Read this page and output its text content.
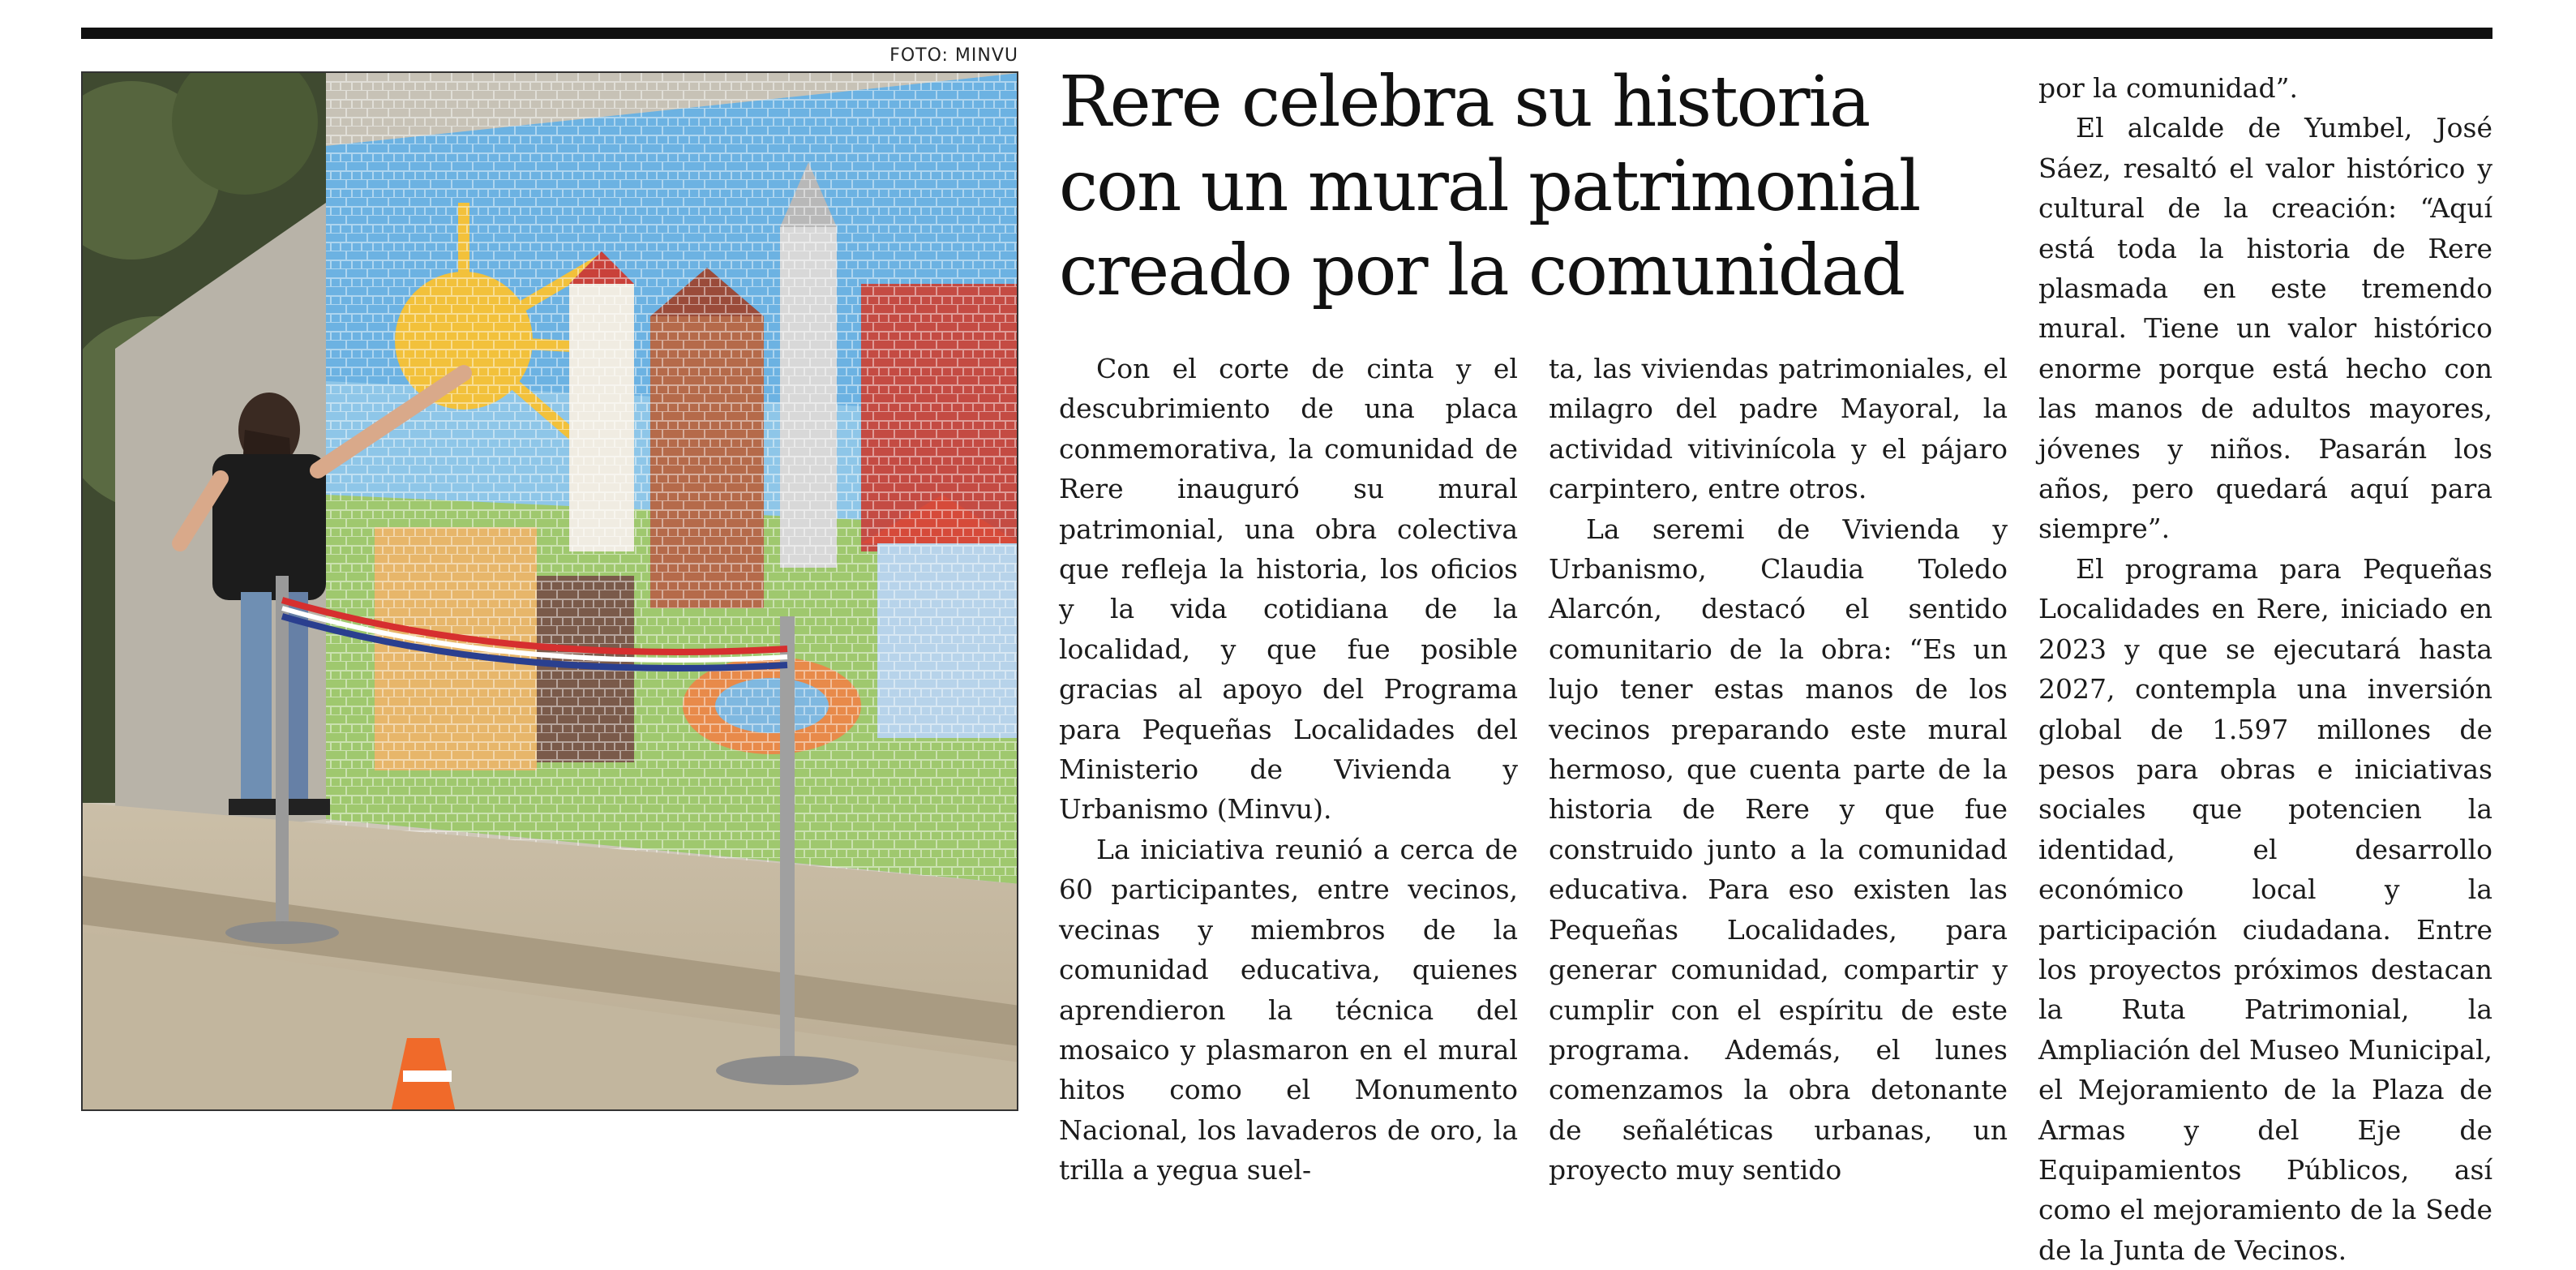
FOTO: MINVU
Rere celebra su historia con un mural patrimonial creado por la comunidad

Con el corte de cinta y el descubrimiento de una placa conmemorativa, la comunidad de Rere inauguró su mural patrimonial, una obra colectiva que refleja la historia, los oficios y la vida cotidiana de la localidad, y que fue posible gracias al apoyo del Programa para Pequeñas Localidades del Ministerio de Vivienda y Urbanismo (Minvu).

La iniciativa reunió a cerca de 60 participantes, entre vecinos, vecinas y miembros de la comunidad educativa, quienes aprendieron la técnica del mosaico y plasmaron en el mural hitos como el Monumento Nacional, los lavaderos de oro, la trilla a yegua suel-

ta, las viviendas patrimoniales, el milagro del padre Mayoral, la actividad vitivinícola y el pájaro carpintero, entre otros.

La seremi de Vivienda y Urbanismo, Claudia Toledo Alarcón, destacó el sentido comunitario de la obra: “Es un lujo tener estas manos de los vecinos preparando este mural hermoso, que cuenta parte de la historia de Rere y que fue construido junto a la comunidad educativa. Para eso existen las Pequeñas Localidades, para generar comunidad, compartir y cumplir con el espíritu de este programa. Además, el lunes comenzamos la obra detonante de señaléticas urbanas, un proyecto muy sentido

por la comunidad”.

El alcalde de Yumbel, José Sáez, resaltó el valor histórico y cultural de la creación: “Aquí está toda la historia de Rere plasmada en este tremendo mural. Tiene un valor histórico enorme porque está hecho con las manos de adultos mayores, jóvenes y niños. Pasarán los años, pero quedará aquí para siempre”.

El programa para Pequeñas Localidades en Rere, iniciado en 2023 y que se ejecutará hasta 2027, contempla una inversión global de 1.597 millones de pesos para obras e iniciativas sociales que potencien la identidad, el desarrollo económico local y la participación ciudadana. Entre los proyectos próximos destacan la Ruta Patrimonial, la Ampliación del Museo Municipal, el Mejoramiento de la Plaza de Armas y del Eje de Equipamientos Públicos, así como el mejoramiento de la Sede de la Junta de Vecinos.
